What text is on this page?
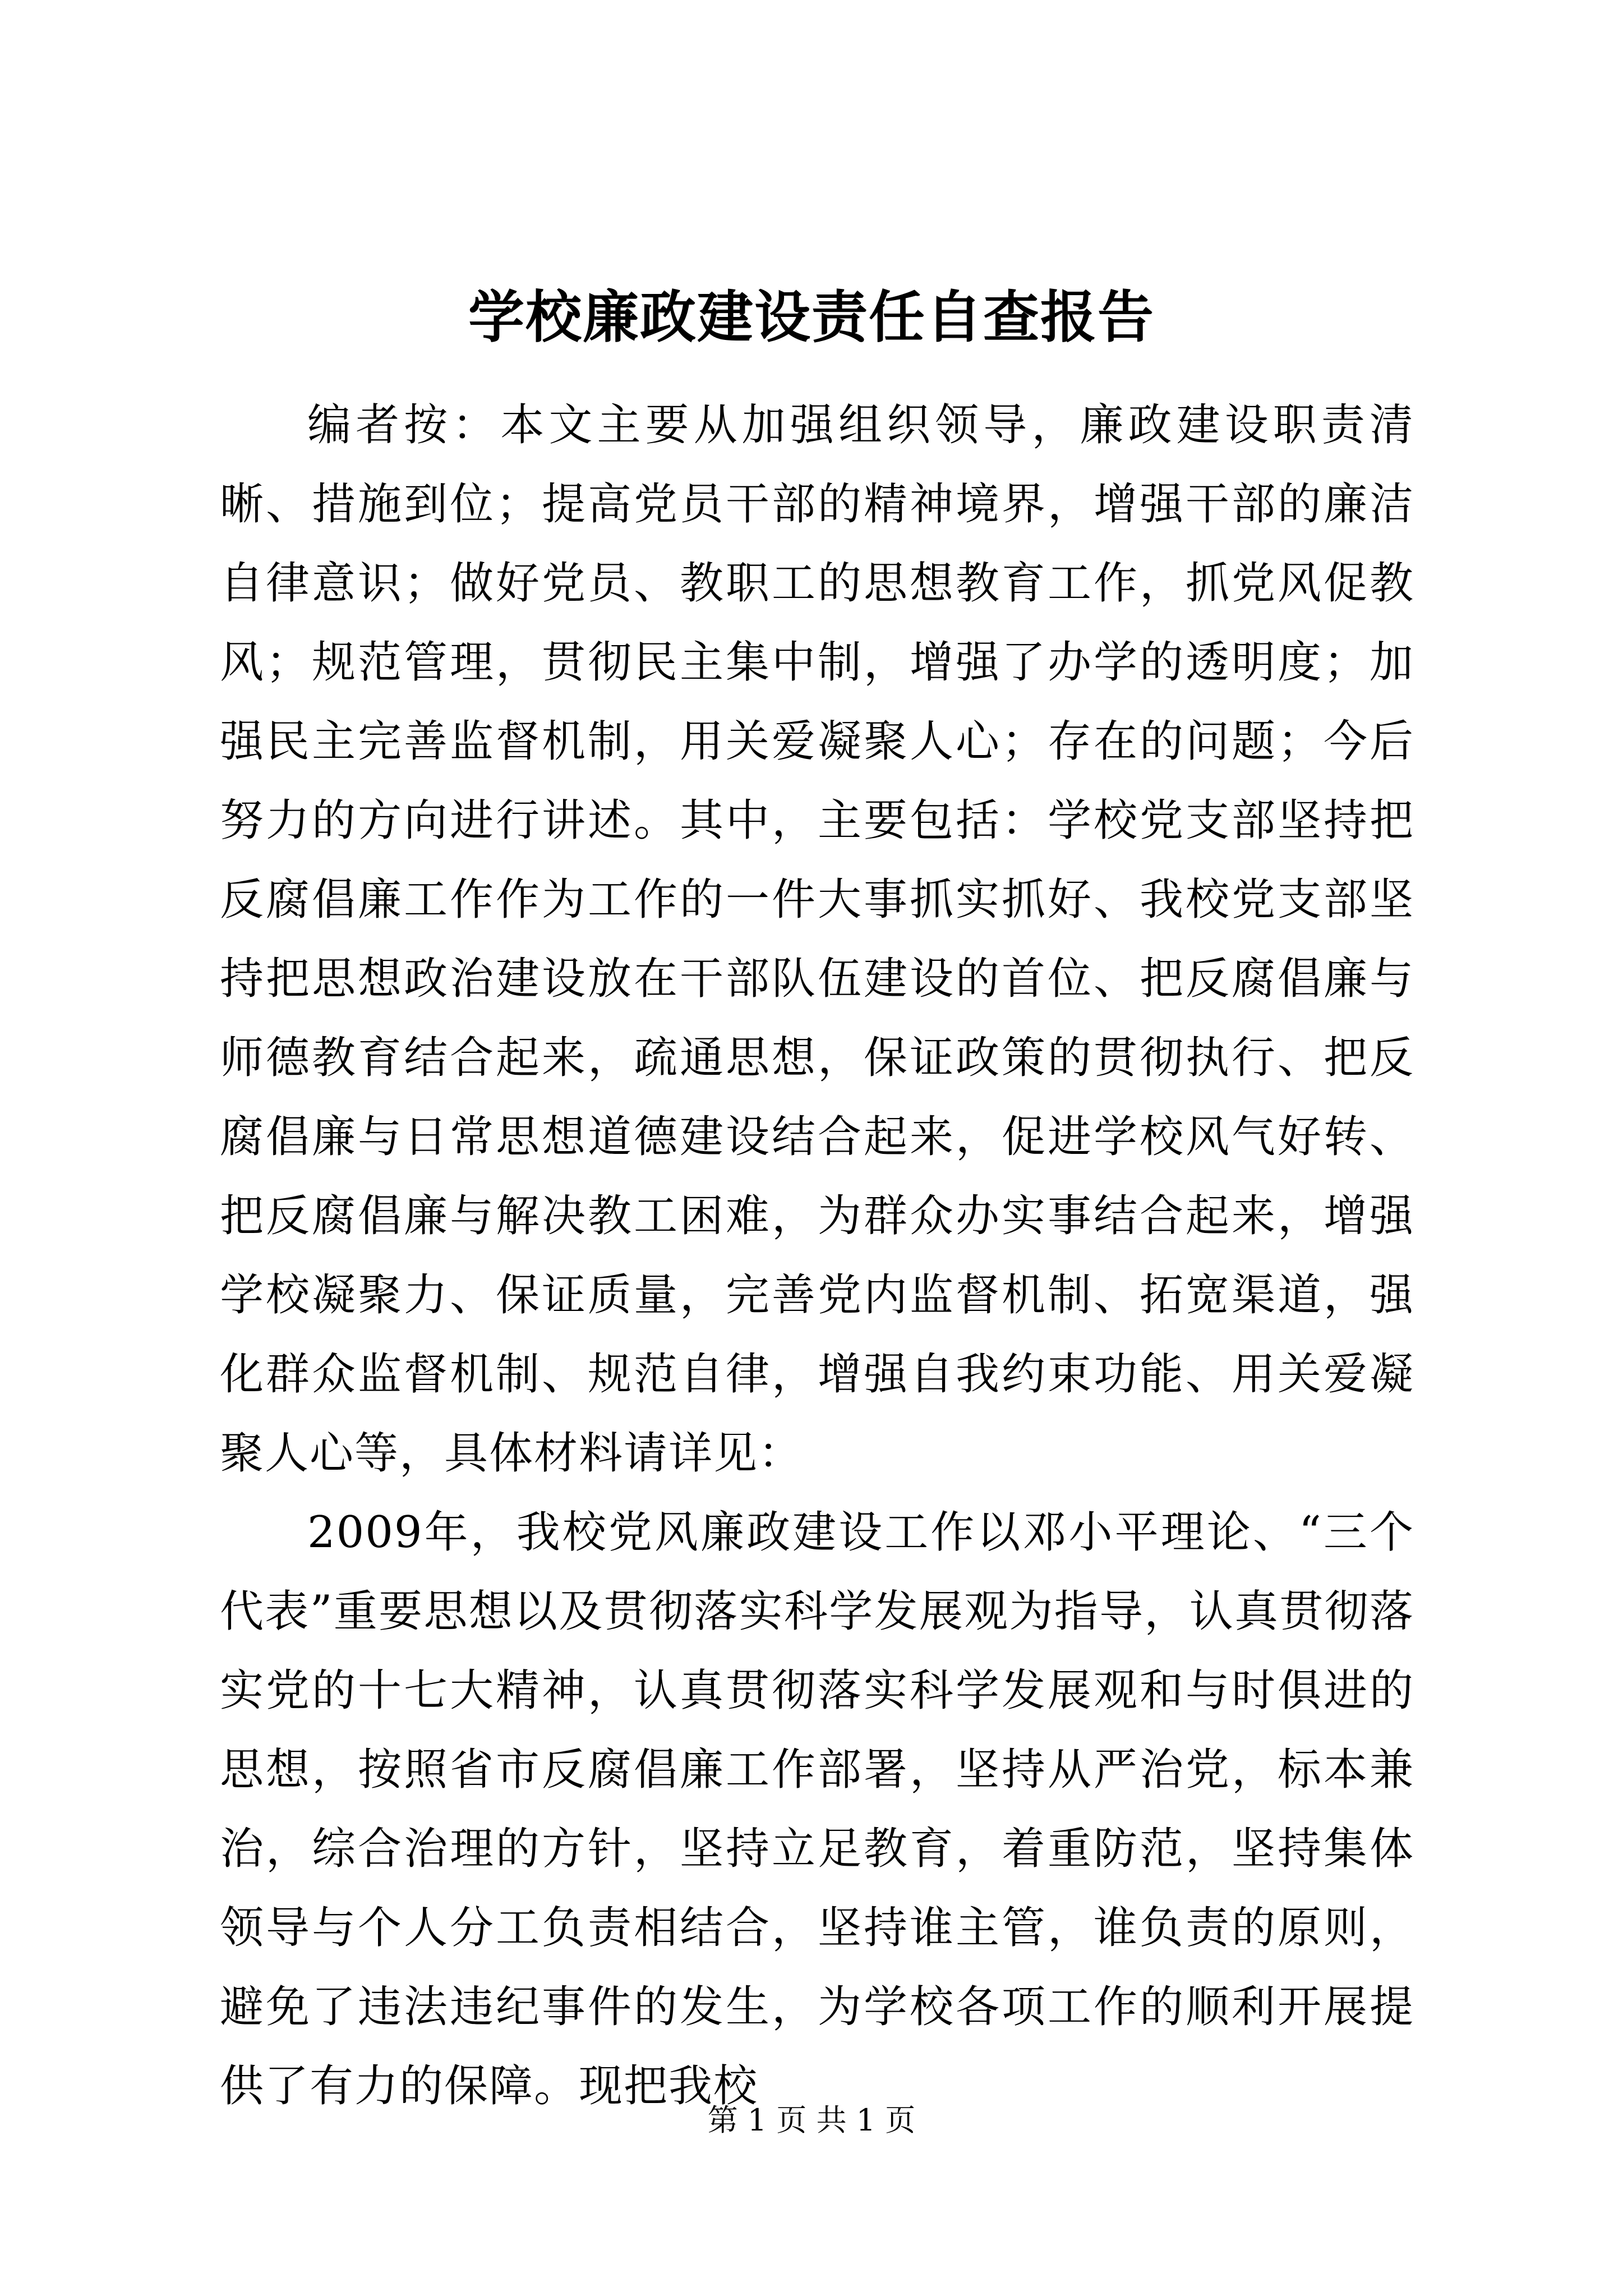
学校廉政建设责任自查报告

编者按：本文主要从加强组织领导，廉政建设职责清晰、措施到位；提高党员干部的精神境界，增强干部的廉洁自律意识；做好党员、教职工的思想教育工作，抓党风促教风；规范管理，贯彻民主集中制，增强了办学的透明度；加强民主完善监督机制，用关爱凝聚人心；存在的问题；今后努力的方向进行讲述。其中，主要包括：学校党支部坚持把反腐倡廉工作作为工作的一件大事抓实抓好、我校党支部坚持把思想政治建设放在干部队伍建设的首位、把反腐倡廉与师德教育结合起来，疏通思想，保证政策的贯彻执行、把反腐倡廉与日常思想道德建设结合起来，促进学校风气好转、把反腐倡廉与解决教工困难，为群众办实事结合起来，增强学校凝聚力、保证质量，完善党内监督机制、拓宽渠道，强化群众监督机制、规范自律，增强自我约束功能、用关爱凝聚人心等，具体材料请详见：

2009年，我校党风廉政建设工作以邓小平理论、“三个代表”重要思想以及贯彻落实科学发展观为指导，认真贯彻落实党的十七大精神，认真贯彻落实科学发展观和与时俱进的思想，按照省市反腐倡廉工作部署，坚持从严治党，标本兼治，综合治理的方针，坚持立足教育，着重防范，坚持集体领导与个人分工负责相结合，坚持谁主管，谁负责的原则，避免了违法违纪事件的发生，为学校各项工作的顺利开展提供了有力的保障。现把我校

第 1 页 共 1 页
